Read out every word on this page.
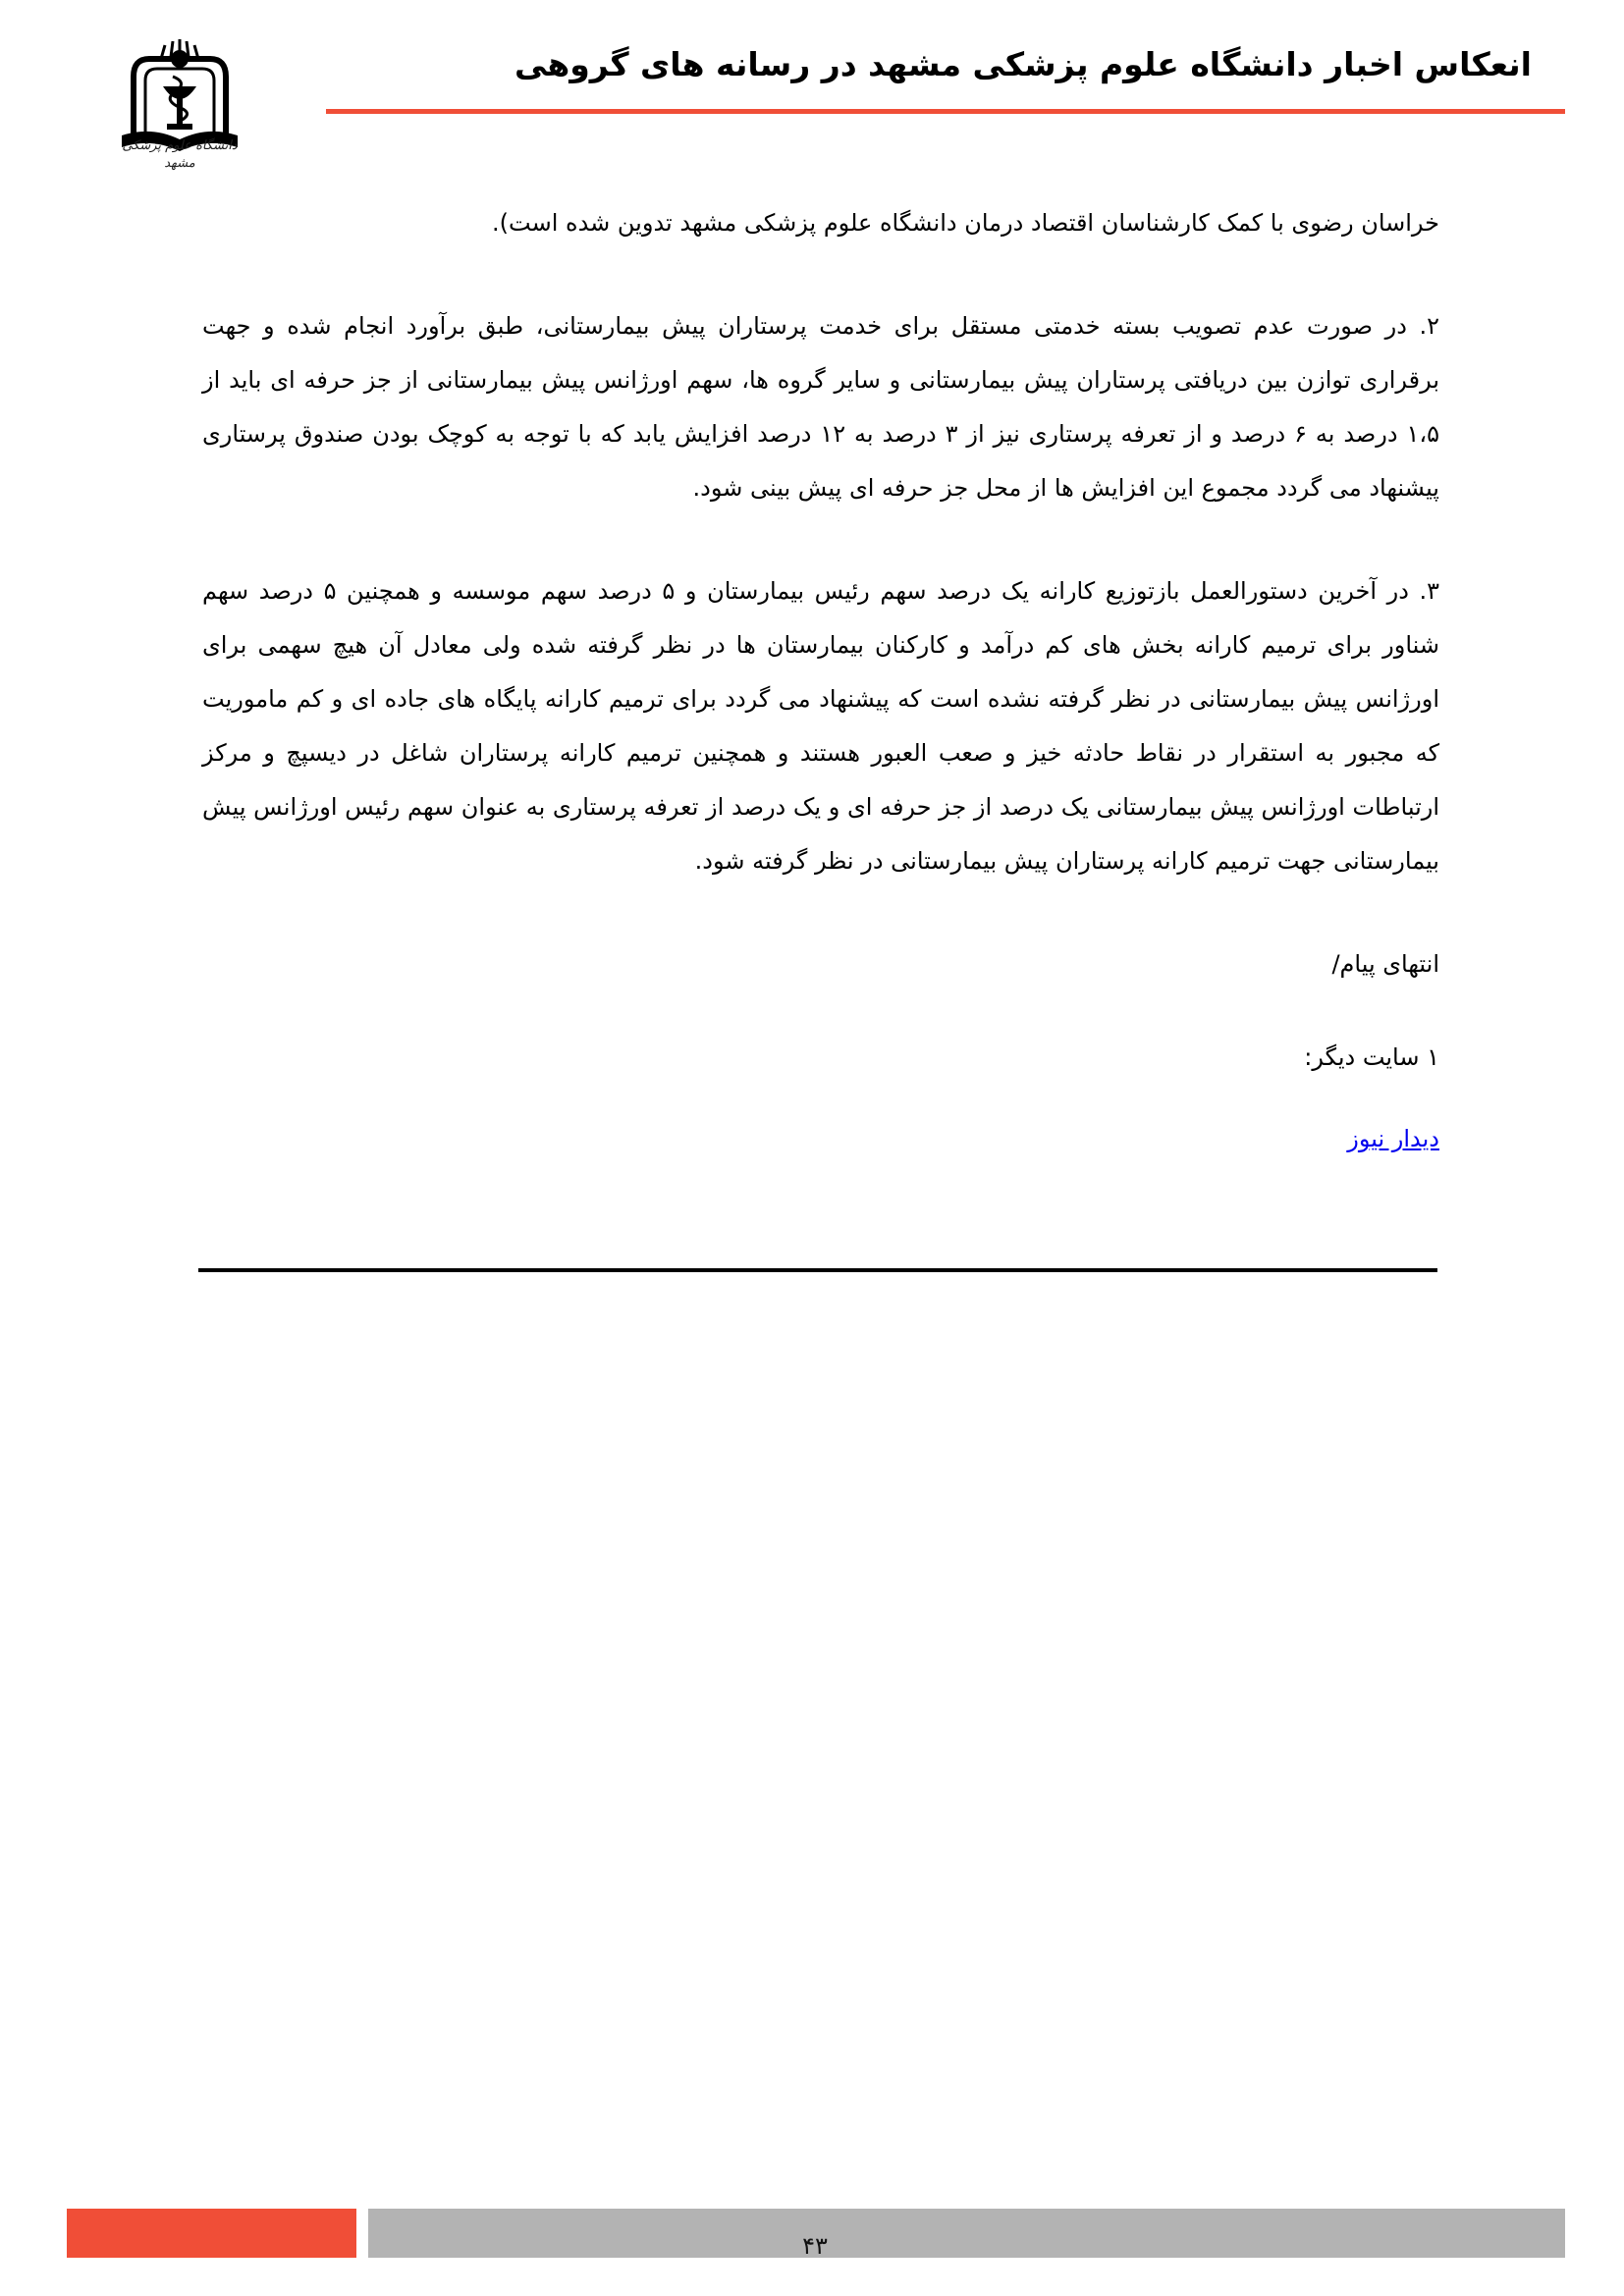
دانشگاه علوم پزشکی مشهد
انعکاس اخبار دانشگاه علوم پزشکی مشهد در رسانه های گروهی

خراسان رضوی با کمک کارشناسان اقتصاد درمان دانشگاه علوم پزشکی مشهد تدوین شده است).

۲. در صورت عدم تصویب بسته خدمتی مستقل برای خدمت پرستاران پیش بیمارستانی، طبق برآورد انجام شده و جهت برقراری توازن بین دریافتی پرستاران پیش بیمارستانی و سایر گروه ها، سهم اورژانس پیش بیمارستانی از جز حرفه ای باید از ۱،۵ درصد به ۶ درصد و از تعرفه پرستاری نیز از ۳ درصد به ۱۲ درصد افزایش یابد که با توجه به کوچک بودن صندوق پرستاری پیشنهاد می گردد مجموع این افزایش ها از محل جز حرفه ای پیش بینی شود.

۳. در آخرین دستورالعمل بازتوزیع کارانه یک درصد سهم رئیس بیمارستان و ۵ درصد سهم موسسه و همچنین ۵ درصد سهم شناور برای ترمیم کارانه بخش های کم درآمد و کارکنان بیمارستان ها در نظر گرفته شده ولی معادل آن هیچ سهمی برای اورژانس پیش بیمارستانی در نظر گرفته نشده است که پیشنهاد می گردد برای ترمیم کارانه پایگاه های جاده ای و کم ماموریت که مجبور به استقرار در نقاط حادثه خیز و صعب العبور هستند و همچنین ترمیم کارانه پرستاران شاغل در دیسپچ و مرکز ارتباطات اورژانس پیش بیمارستانی یک درصد از جز حرفه ای و یک درصد از تعرفه پرستاری به عنوان سهم رئیس اورژانس پیش بیمارستانی جهت ترمیم کارانه پرستاران پیش بیمارستانی در نظر گرفته شود.

انتهای پیام/

۱ سایت دیگر:

دیدار نیوز

۴۳
